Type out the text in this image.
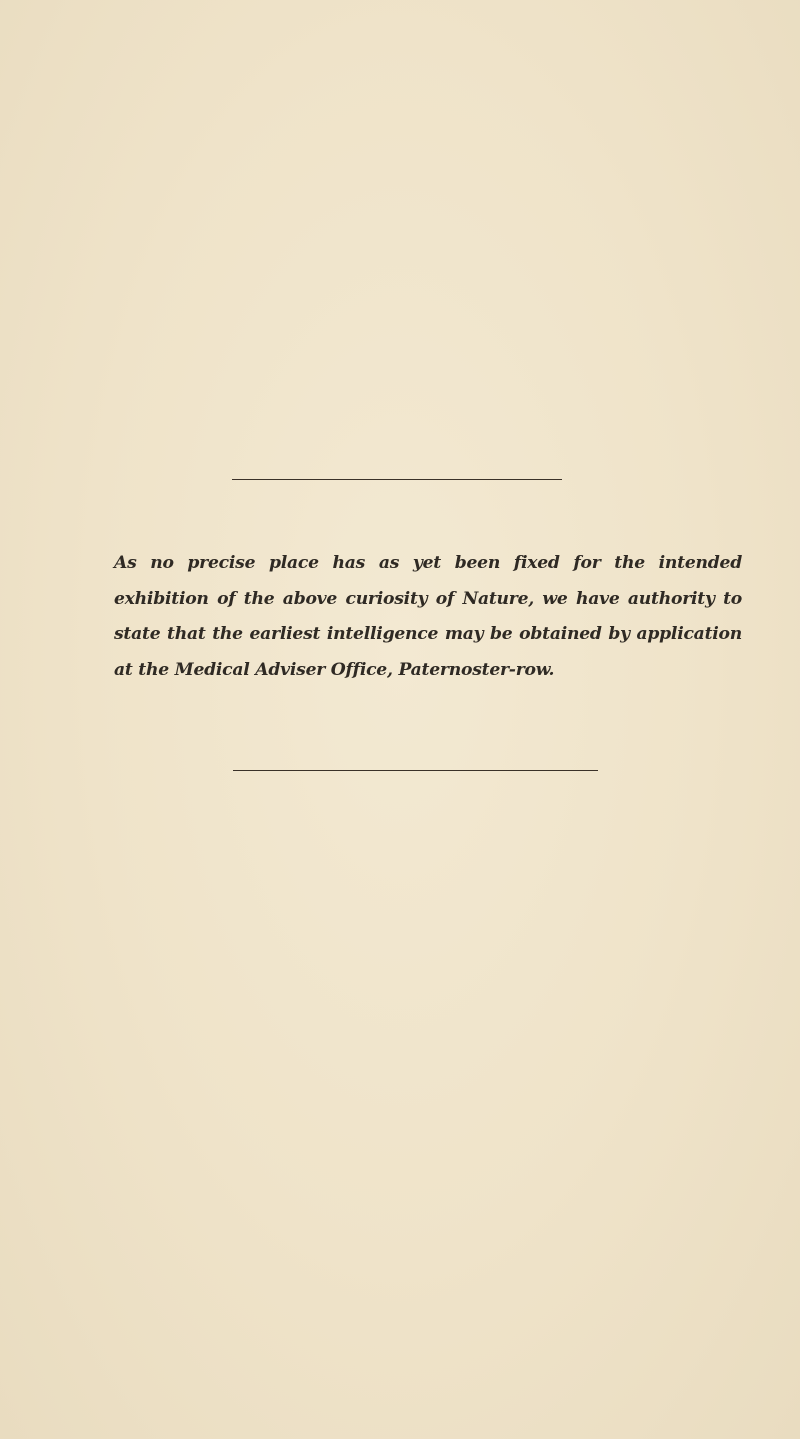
As no precise place has as yet been fixed for the intended exhibition of the above curiosity of Nature, we have authority to state that the earliest intelligence may be obtained by application at the Medical Adviser Office, Paternoster-row.
